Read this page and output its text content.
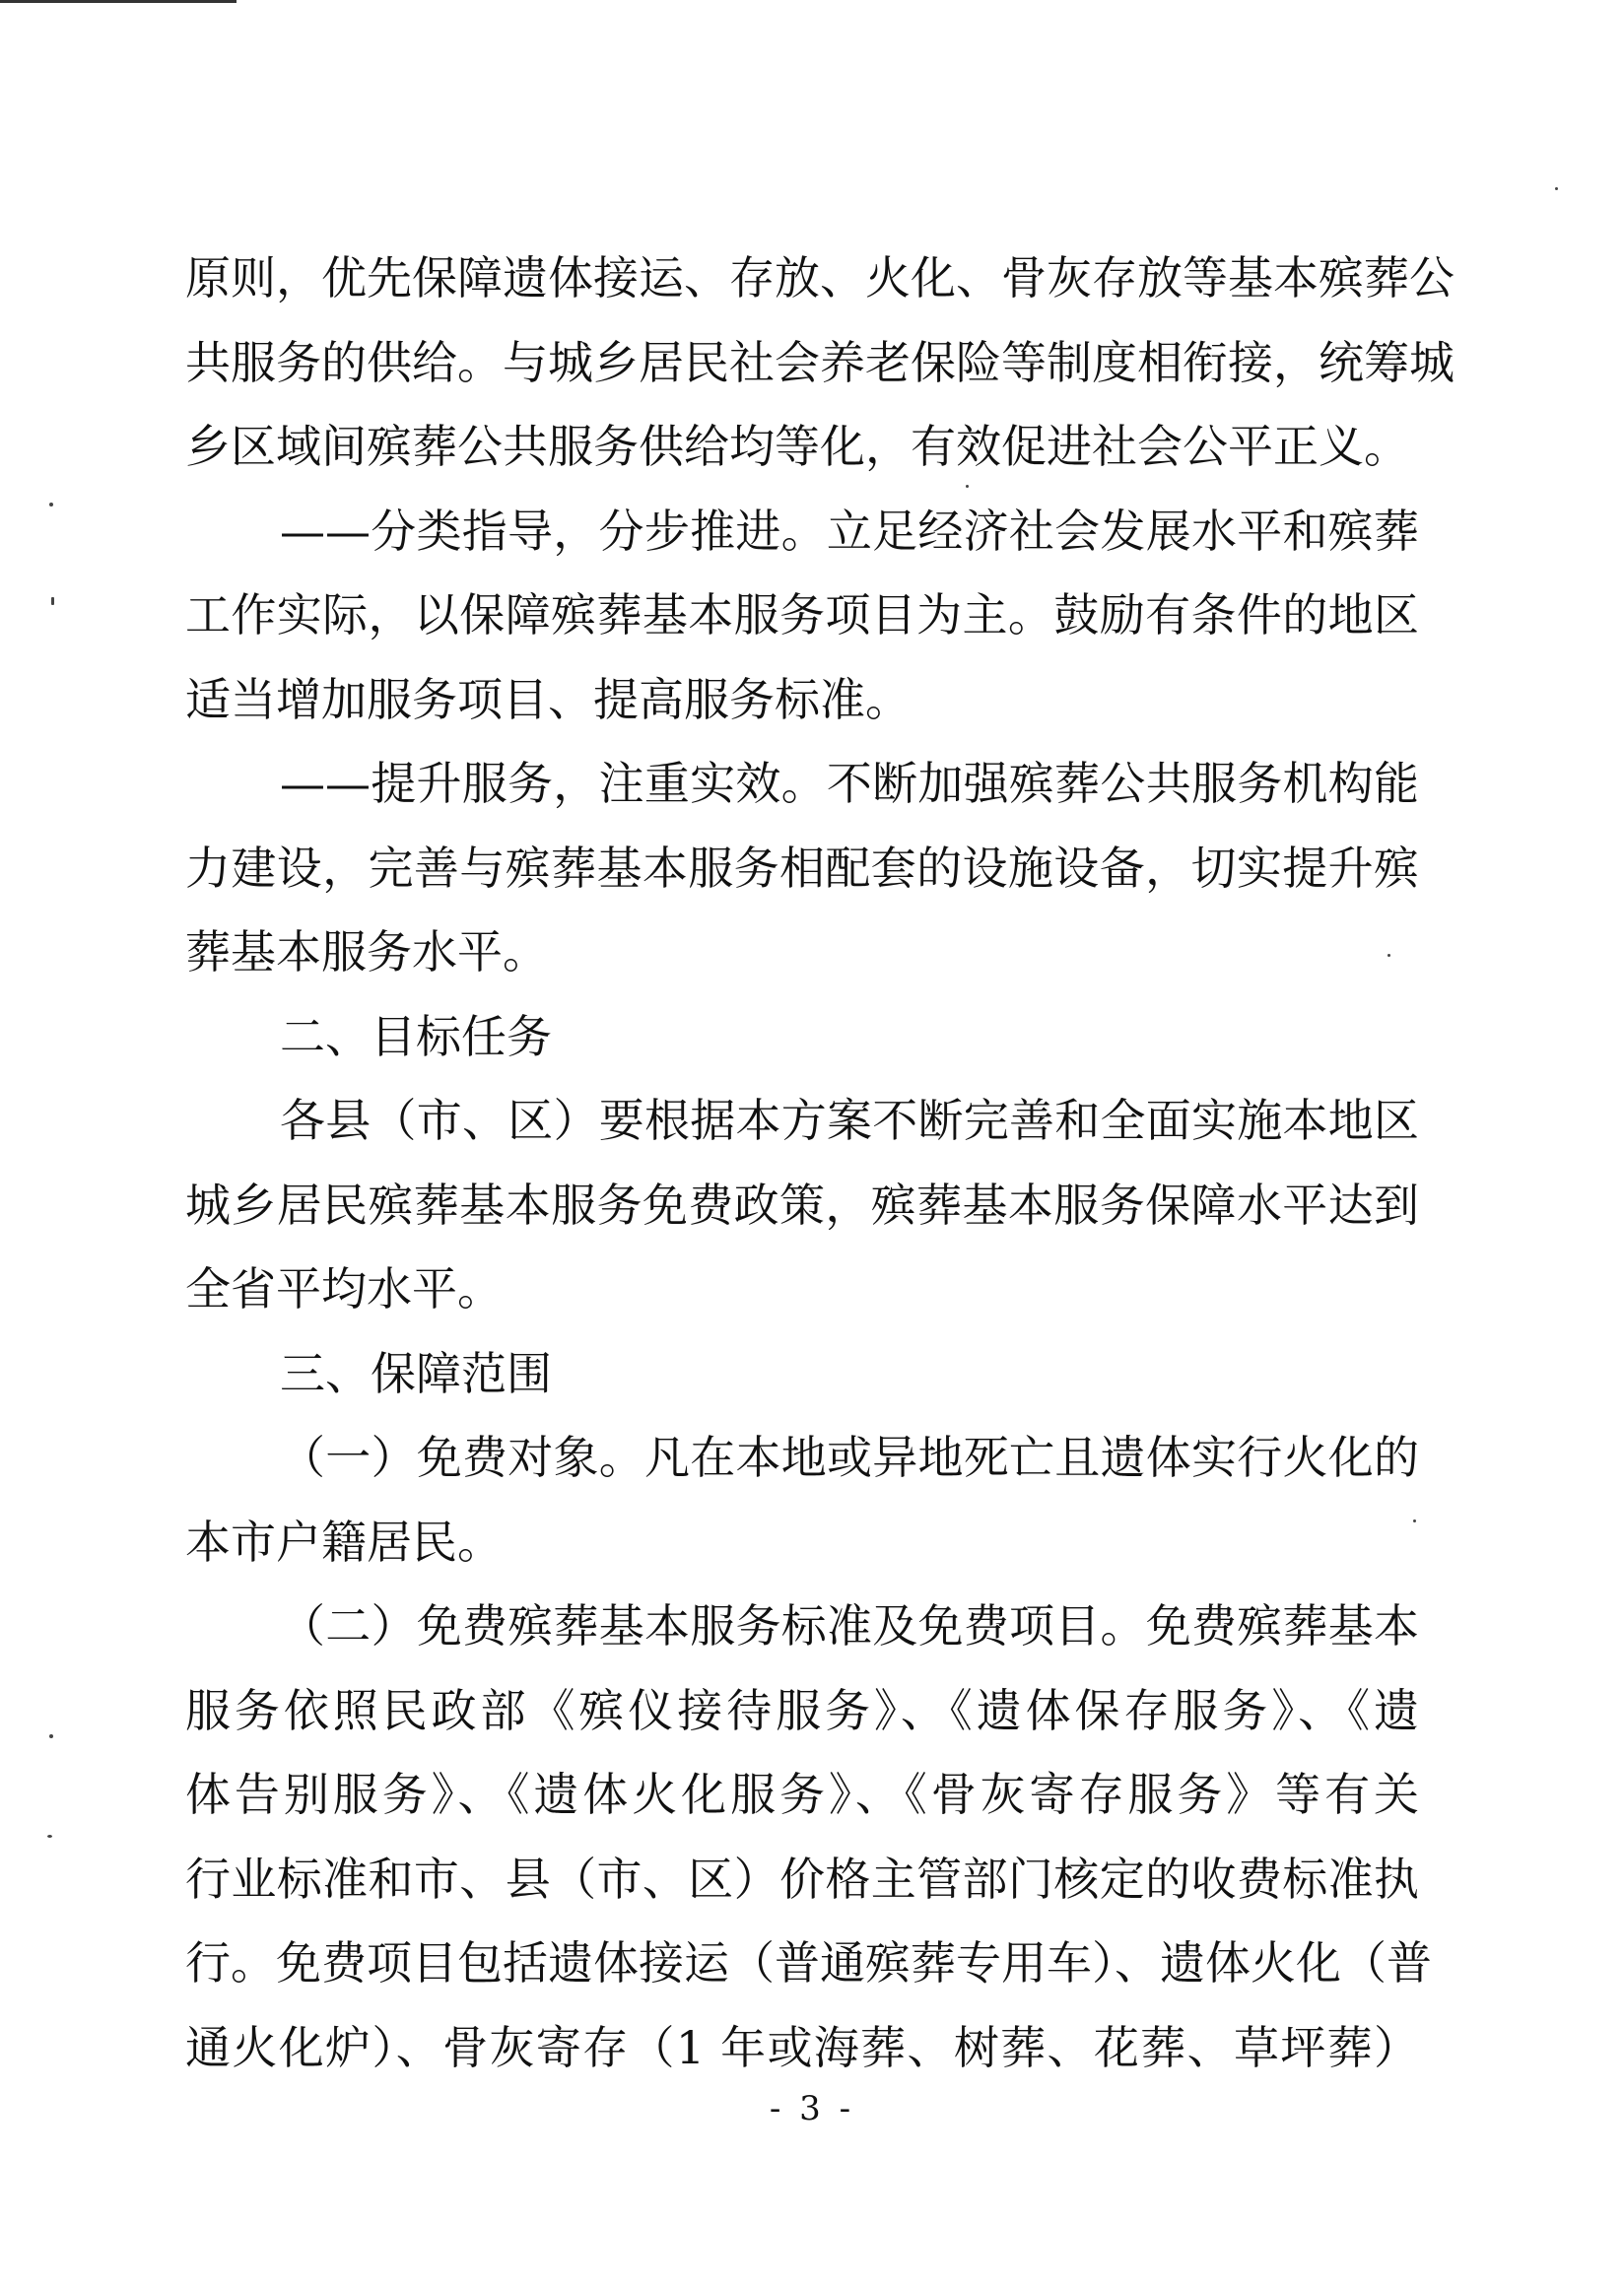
原则，优先保障遗体接运、存放、火化、骨灰存放等基本殡葬公
共服务的供给。与城乡居民社会养老保险等制度相衔接，统筹城
乡区域间殡葬公共服务供给均等化，有效促进社会公平正义。
——分类指导，分步推进。立足经济社会发展水平和殡葬
工作实际，以保障殡葬基本服务项目为主。鼓励有条件的地区
适当增加服务项目、提高服务标准。
——提升服务，注重实效。不断加强殡葬公共服务机构能
力建设，完善与殡葬基本服务相配套的设施设备，切实提升殡
葬基本服务水平。
二、目标任务
各县（市、区）要根据本方案不断完善和全面实施本地区
城乡居民殡葬基本服务免费政策，殡葬基本服务保障水平达到
全省平均水平。
三、保障范围
（一）免费对象。凡在本地或异地死亡且遗体实行火化的
本市户籍居民。
（二）免费殡葬基本服务标准及免费项目。免费殡葬基本
服务依照民政部《殡仪接待服务》、《遗体保存服务》、《遗
体告别服务》、《遗体火化服务》、《骨灰寄存服务》等有关
行业标准和市、县（市、区）价格主管部门核定的收费标准执
行。免费项目包括遗体接运（普通殡葬专用车）、遗体火化（普
通火化炉）、骨灰寄存（1 年或海葬、树葬、花葬、草坪葬）
- 3 -
